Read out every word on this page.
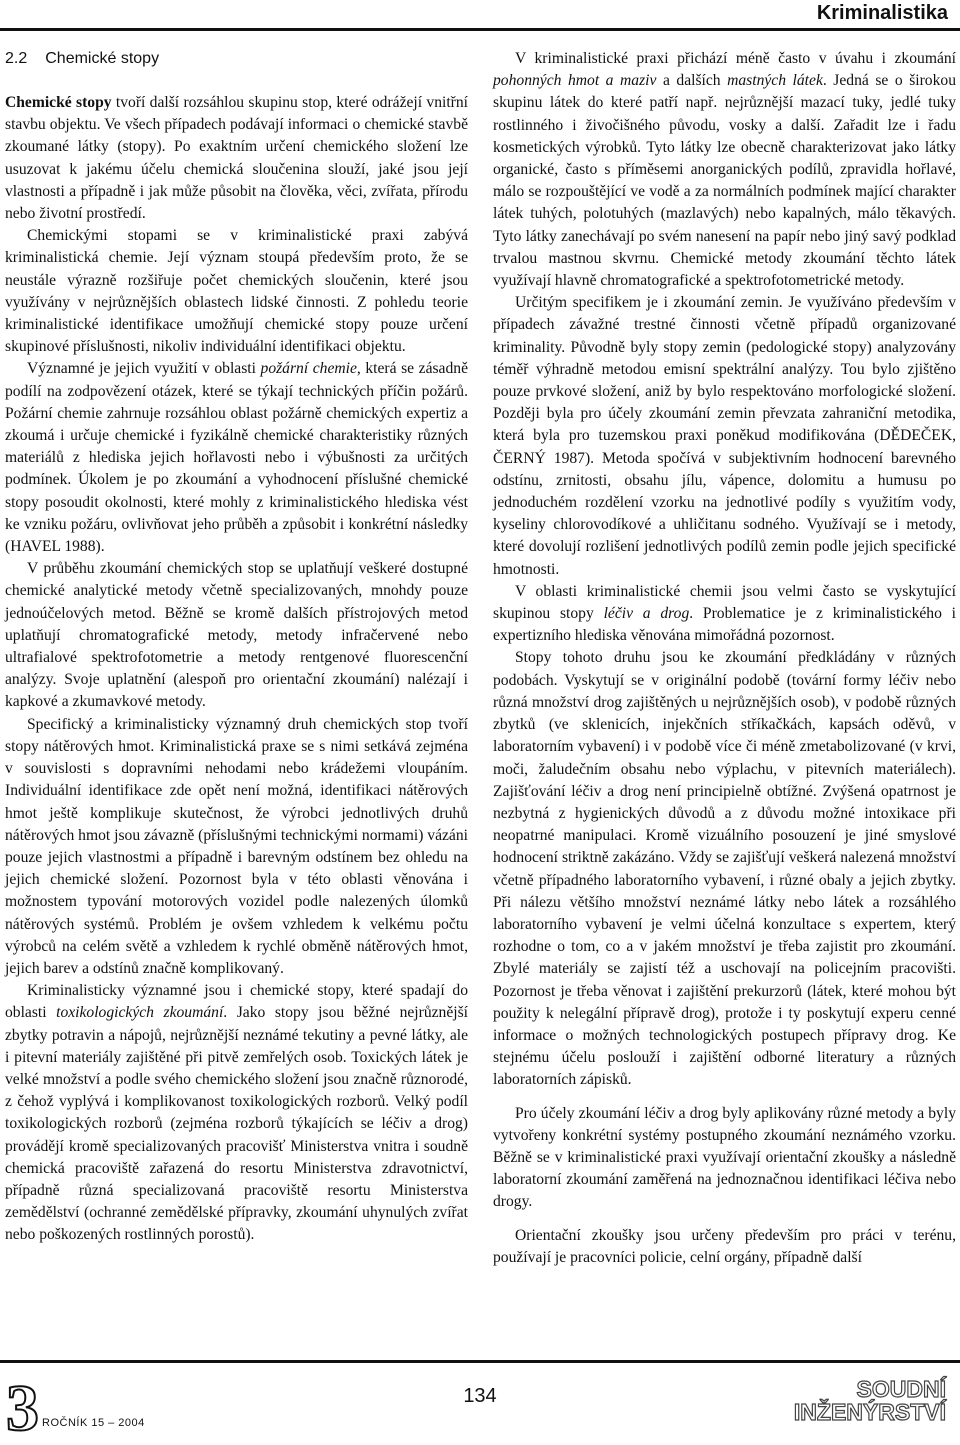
Kriminalistika
2.2 Chemické stopy

Chemické stopy tvoří další rozsáhlou skupinu stop, které odrážejí vnitřní stavbu objektu. Ve všech případech podávají informaci o chemické stavbě zkoumané látky (stopy). Po exaktním určení chemického složení lze usuzovat k jakému účelu chemická sloučenina slouží, jaké jsou její vlastnosti a případně i jak může působit na člověka, věci, zvířata, přírodu nebo životní prostředí.

Chemickými stopami se v kriminalistické praxi zabývá kriminalistická chemie. Její význam stoupá především proto, že se neustále výrazně rozšiřuje počet chemických sloučenin, které jsou využívány v nejrůznějších oblastech lidské činnosti. Z pohledu teorie kriminalistické identifikace umožňují chemické stopy pouze určení skupinové příslušnosti, nikoliv individuální identifikaci objektu.

Významné je jejich využití v oblasti požární chemie, která se zásadně podílí na zodpovězení otázek, které se týkají technických příčin požárů. Požární chemie zahrnuje rozsáhlou oblast požárně chemických expertiz a zkoumá i určuje chemické i fyzikálně chemické charakteristiky různých materiálů z hlediska jejich hořlavosti nebo i výbušnosti za určitých podmínek. Úkolem je po zkoumání a vyhodnocení příslušné chemické stopy posoudit okolnosti, které mohly z kriminalistického hlediska vést ke vzniku požáru, ovlivňovat jeho průběh a způsobit i konkrétní následky (HAVEL 1988).

V průběhu zkoumání chemických stop se uplatňují veškeré dostupné chemické analytické metody včetně specializovaných, mnohdy pouze jednoúčelových metod. Běžně se kromě dalších přístrojových metod uplatňují chromatografické metody, metody infračervené nebo ultrafialové spektrofotometrie a metody rentgenové fluorescenční analýzy. Svoje uplatnění (alespoň pro orientační zkoumání) nalézají i kapkové a zkumavkové metody.

Specifický a kriminalisticky významný druh chemických stop tvoří stopy nátěrových hmot. Kriminalistická praxe se s nimi setkává zejména v souvislosti s dopravními nehodami nebo krádežemi vloupáním. Individuální identifikace zde opět není možná, identifikaci nátěrových hmot ještě komplikuje skutečnost, že výrobci jednotlivých druhů nátěrových hmot jsou závazně (příslušnými technickými normami) vázáni pouze jejich vlastnostmi a případně i barevným odstínem bez ohledu na jejich chemické složení. Pozornost byla v této oblasti věnována i možnostem typování motorových vozidel podle nalezených úlomků nátěrových systémů. Problém je ovšem vzhledem k velkému počtu výrobců na celém světě a vzhledem k rychlé obměně nátěrových hmot, jejich barev a odstínů značně komplikovaný.

Kriminalisticky významné jsou i chemické stopy, které spadají do oblasti toxikologických zkoumání. Jako stopy jsou běžné nejrůznější zbytky potravin a nápojů, nejrůznější neznámé tekutiny a pevné látky, ale i pitevní materiály zajištěné při pitvě zemřelých osob. Toxických látek je velké množství a podle svého chemického složení jsou značně různorodé, z čehož vyplývá i komplikovanost toxikologických rozborů. Velký podíl toxikologických rozborů (zejména rozborů týkajících se léčiv a drog) provádějí kromě specializovaných pracovišť Ministerstva vnitra i soudně chemická pracoviště zařazená do resortu Ministerstva zdravotnictví, případně různá specializovaná pracoviště resortu Ministerstva zemědělství (ochranné zemědělské přípravky, zkoumání uhynulých zvířat nebo poškozených rostlinných porostů).

V kriminalistické praxi přichází méně často v úvahu i zkoumání pohonných hmot a maziv a dalších mastných látek. Jedná se o širokou skupinu látek do které patří např. nejrůznější mazací tuky, jedlé tuky rostlinného i živočišného původu, vosky a další. Zařadit lze i řadu kosmetických výrobků. Tyto látky lze obecně charakterizovat jako látky organické, často s příměsemi anorganických podílů, zpravidla hořlavé, málo se rozpouštějící ve vodě a za normálních podmínek mající charakter látek tuhých, polotuhých (mazlavých) nebo kapalných, málo těkavých. Tyto látky zanechávají po svém nanesení na papír nebo jiný savý podklad trvalou mastnou skvrnu. Chemické metody zkoumání těchto látek využívají hlavně chromatografické a spektrofotometrické metody.

Určitým specifikem je i zkoumání zemin. Je využíváno především v případech závažné trestné činnosti včetně případů organizované kriminality. Původně byly stopy zemin (pedologické stopy) analyzovány téměř výhradně metodou emisní spektrální analýzy. Tou bylo zjištěno pouze prvkové složení, aniž by bylo respektováno morfologické složení. Později byla pro účely zkoumání zemin převzata zahraniční metodika, která byla pro tuzemskou praxi poněkud modifikována (DĚDEČEK, ČERNÝ 1987). Metoda spočívá v subjektivním hodnocení barevného odstínu, zrnitosti, obsahu jílu, vápence, dolomitu a humusu po jednoduchém rozdělení vzorku na jednotlivé podíly s využitím vody, kyseliny chlorovodíkové a uhličitanu sodného. Využívají se i metody, které dovolují rozlišení jednotlivých podílů zemin podle jejich specifické hmotnosti.

V oblasti kriminalistické chemii jsou velmi často se vyskytující skupinou stopy léčiv a drog. Problematice je z kriminalistického i expertizního hlediska věnována mimořádná pozornost.

Stopy tohoto druhu jsou ke zkoumání předkládány v různých podobách. Vyskytují se v originální podobě (tovární formy léčiv nebo různá množství drog zajištěných u nejrůznějších osob), v podobě různých zbytků (ve sklenicích, injekčních stříkačkách, kapsách oděvů, v laboratorním vybavení) i v podobě více či méně zmetabolizované (v krvi, moči, žaludečním obsahu nebo výplachu, v pitevních materiálech). Zajišťování léčiv a drog není principielně obtížné. Zvýšená opatrnost je nezbytná z hygienických důvodů a z důvodu možné intoxikace při neopatrné manipulaci. Kromě vizuálního posouzení je jiné smyslové hodnocení striktně zakázáno. Vždy se zajišťují veškerá nalezená množství včetně případného laboratorního vybavení, i různé obaly a jejich zbytky. Při nálezu většího množství neznámé látky nebo látek a rozsáhlého laboratorního vybavení je velmi účelná konzultace s expertem, který rozhodne o tom, co a v jakém množství je třeba zajistit pro zkoumání. Zbylé materiály se zajistí též a uschovají na policejním pracovišti. Pozornost je třeba věnovat i zajištění prekurzorů (látek, které mohou být použity k nelegální přípravě drog), protože i ty poskytují experu cenné informace o možných technologických postupech přípravy drog. Ke stejnému účelu poslouží i zajištění odborné literatury a různých laboratorních zápisků.

Pro účely zkoumání léčiv a drog byly aplikovány různé metody a byly vytvořeny konkrétní systémy postupného zkoumání neznámého vzorku. Běžně se v kriminalistické praxi využívají orientační zkoušky a následně laboratorní zkoumání zaměřená na jednoznačnou identifikaci léčiva nebo drogy.

Orientační zkoušky jsou určeny především pro práci v terénu, používají je pracovníci policie, celní orgány, případně další

3 ROČNÍK 15 – 2004
134	SOUDNÍ
INŽENÝRSTVÍ
